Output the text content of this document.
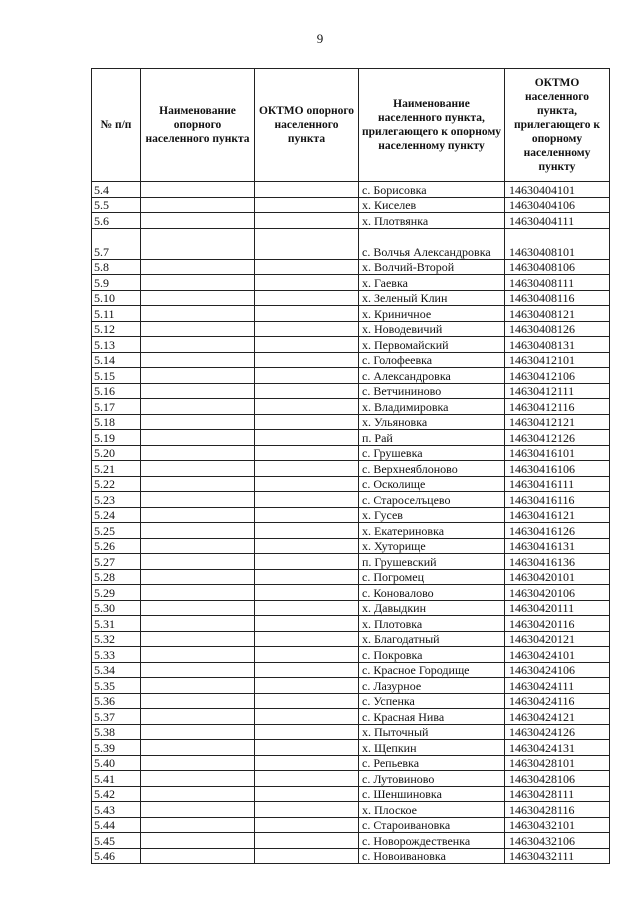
9
№ п/п	Наименование опорного населенного пункта	ОКТМО опорного населенного пункта	Наименование населенного пункта, прилегающего к опорному населенному пункту	ОКТМО населенного пункта, прилегающего к опорному населенному пункту
5.4			с. Борисовка	14630404101
5.5			х. Киселев	14630404106
5.6			х. Плотвянка	14630404111
5.7			с. Волчья Александровка	14630408101
5.8			х. Волчий-Второй	14630408106
5.9			х. Гаевка	14630408111
5.10			х. Зеленый Клин	14630408116
5.11			х. Криничное	14630408121
5.12			х. Новодевичий	14630408126
5.13			х. Первомайский	14630408131
5.14			с. Голофеевка	14630412101
5.15			с. Александровка	14630412106
5.16			с. Ветчининово	14630412111
5.17			х. Владимировка	14630412116
5.18			х. Ульяновка	14630412121
5.19			п. Рай	14630412126
5.20			с. Грушевка	14630416101
5.21			с. Верхнеяблоново	14630416106
5.22			с. Осколище	14630416111
5.23			с. Староселъцево	14630416116
5.24			х. Гусев	14630416121
5.25			х. Екатериновка	14630416126
5.26			х. Хуторище	14630416131
5.27			п. Грушевский	14630416136
5.28			с. Погромец	14630420101
5.29			с. Коновалово	14630420106
5.30			х. Давыдкин	14630420111
5.31			х. Плотовка	14630420116
5.32			х. Благодатный	14630420121
5.33			с. Покровка	14630424101
5.34			с. Красное Городище	14630424106
5.35			с. Лазурное	14630424111
5.36			с. Успенка	14630424116
5.37			с. Красная Нива	14630424121
5.38			х. Пыточный	14630424126
5.39			х. Щепкин	14630424131
5.40			с. Репьевка	14630428101
5.41			с. Лутовиново	14630428106
5.42			с. Шеншиновка	14630428111
5.43			х. Плоское	14630428116
5.44			с. Староивановка	14630432101
5.45			с. Новорождественка	14630432106
5.46			с. Новоивановка	14630432111
